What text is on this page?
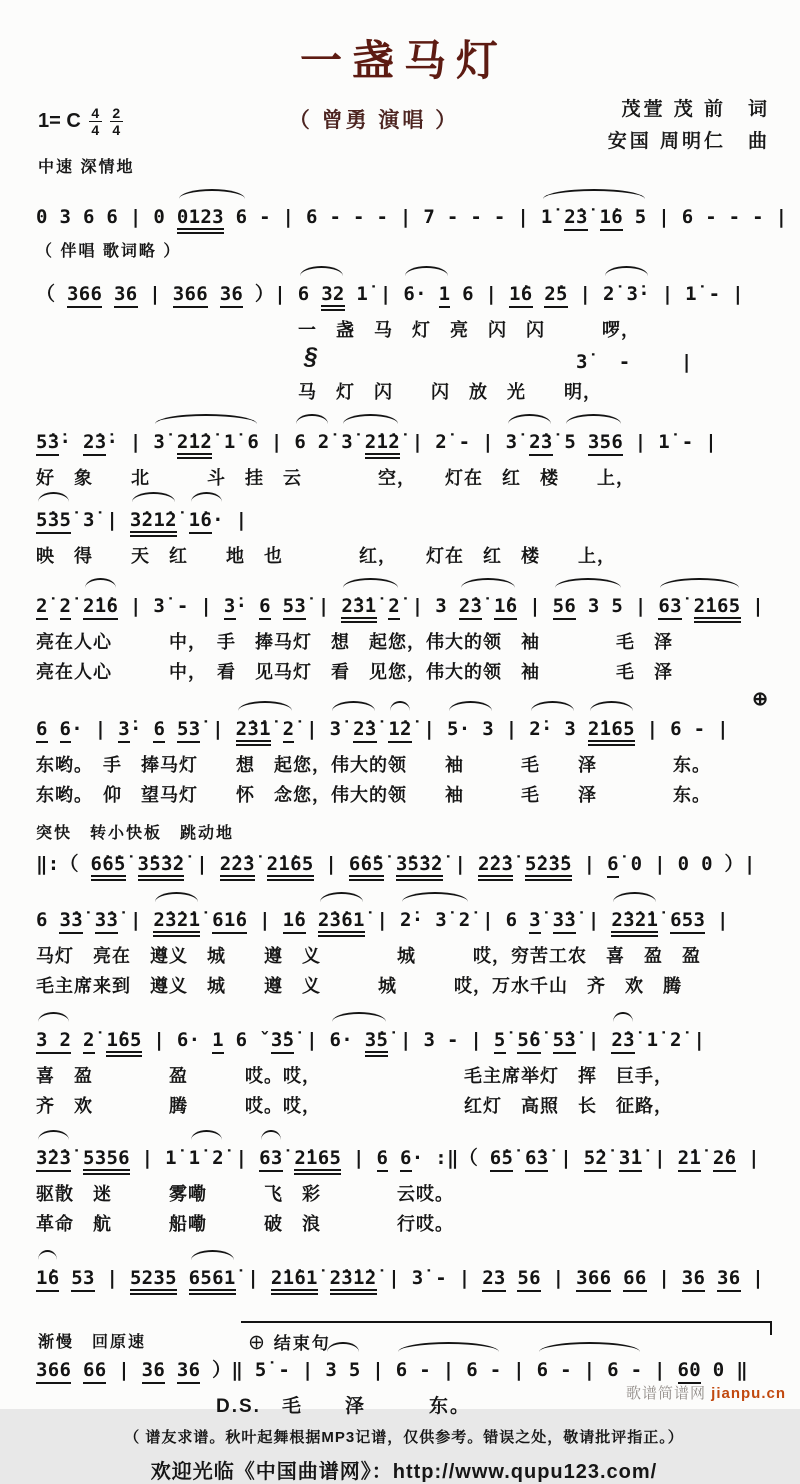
一盏马灯
1= C $\frac{4}{4} \frac{2}{4}$
中速 深情地
（ 曾勇 演唱 ）	茂萱 茂 前　词
安国 周明仁　曲
0 3 6 6 | 0 0123 6 - | 6 - - - | 7 - - - | 1̇ 2̇3̇ 1̇6 5 | 6 - - - |
（ 伴唱 歌词略 ）
（ 366 36 | 366 36 ）| 6 32 1̇ | 6· 1 6 | 1̇6 2̇5 | 2̇ 3̇· | 1̇ - |
一　盏　马　灯　亮　闪　闪　　　啰，
§	3̇　 -　　 |
马　灯　闪　　闪　放　光　　明，
5̇3̇· 2̇3̇· | 3̇ 2̇1̇2̇ 1̇ 6 | 6 2̇ 3̇ 2̇1̇2̇ | 2̇ - | 3̇ 2̇3̇ 5 356 | 1̇ - |
好　象　　北　　　斗　挂　云　　　　空，　　灯在　红　楼　　上，
5̇35̇ 3̇ | 3̇21̇2̇ 1̇6· |
映　得　　天　红　　地　也　　　　红，　　灯在　红　楼　　上，
2̇ 2̇ 2̇1̇6 | 3̇ - | 3̇· 6 53̇ | 2̇3̇1̇ 2̇ | 3 2̇3̇ 1̇6 | 56 3 5 | 63̇ 2̇165 |
亮在人心　　　中，　手　捧马灯　想　起您，伟大的领　袖　　　　毛　泽
亮在人心　　　中，　看　见马灯　看　见您，伟大的领　袖　　　　毛　泽
⊕
6 6· | 3̇· 6 53̇ | 2̇3̇1̇ 2̇ | 3̇ 2̇3̇ 1̇2̇ | 5· 3 | 2̇· 3 2̇165 | 6 - |
东哟。　手　捧马灯　　想　起您，伟大的领　　袖　　　毛　　泽　　　　东。
东哟。　仰　望马灯　　怀　念您，伟大的领　　袖　　　毛　　泽　　　　东。
突快　转小快板　跳动地
‖:（ 6̇6̇5̇ 3̇5̇3̇2̇ | 2̇2̇3̇ 2̇1̇65 | 6̇6̇5̇ 3̇5̇3̇2̇ | 2̇2̇3̇ 5̇2̇3̇5 | 6̇ 0 | 0 0 ）|
6 3̇3̇ 3̇3̇ | 2̇3̇2̇1̇ 61̇6 | 1̇6 2̇3̇61̇ | 2̇· 3̇ 2̇ | 6 3̇ 3̇3̇ | 2̇3̇2̇1̇ 653 |
马灯　亮在　遵义　城　　遵　义　　　　城　　　哎，穷苦工农　喜　盈　盈
毛主席来到　遵义　城　　遵　义　　　城　　　哎，万水千山　齐　欢　腾
3 2 2̇ 1̇65 | 6· 1 6 ˇ3̇5̇ | 6· 3̇5̇ | 3 - | 5̇ 5̇6̇ 5̇3̇ | 2̇3̇ 1̇ 2̇ |
喜　盈　　　　盈　　　哎。哎，　　　　　　　　毛主席举灯　挥　巨手，
齐　欢　　　　腾　　　哎。哎，　　　　　　　　红灯　高照　长　征路，
3̇2̇3̇ 5356 | 1̇ 1̇ 2̇ | 63̇ 2̇165 | 6 6· :‖（ 6̇5̇ 6̇3̇ | 5̇2̇ 3̇1̇ | 2̇1̇ 2̇6 |
驱散　迷　　　雾嘞　　　飞　彩　　　　云哎。
革命　航　　　船嘞　　　破　浪　　　　行哎。
1̇6 53 | 5235 6561̇ | 2̇1̇61̇ 2̇3̇1̇2̇ | 3̇ - | 23 56 | 366 66 | 36 36 |
渐慢　回原速	⊕ 结束句
366 66 | 36 36 ）‖ 5̇ - | 3 5 | 6 - | 6 - | 6 - | 6 - | 60 0 ‖
D.S.　毛　　泽　　　东。
（ 谱友求谱。秋叶起舞根据MP3记谱，仅供参考。错误之处，敬请批评指正。）
欢迎光临《中国曲谱网》：http://www.qupu123.com/
歌谱简谱网 jianpu.cn
